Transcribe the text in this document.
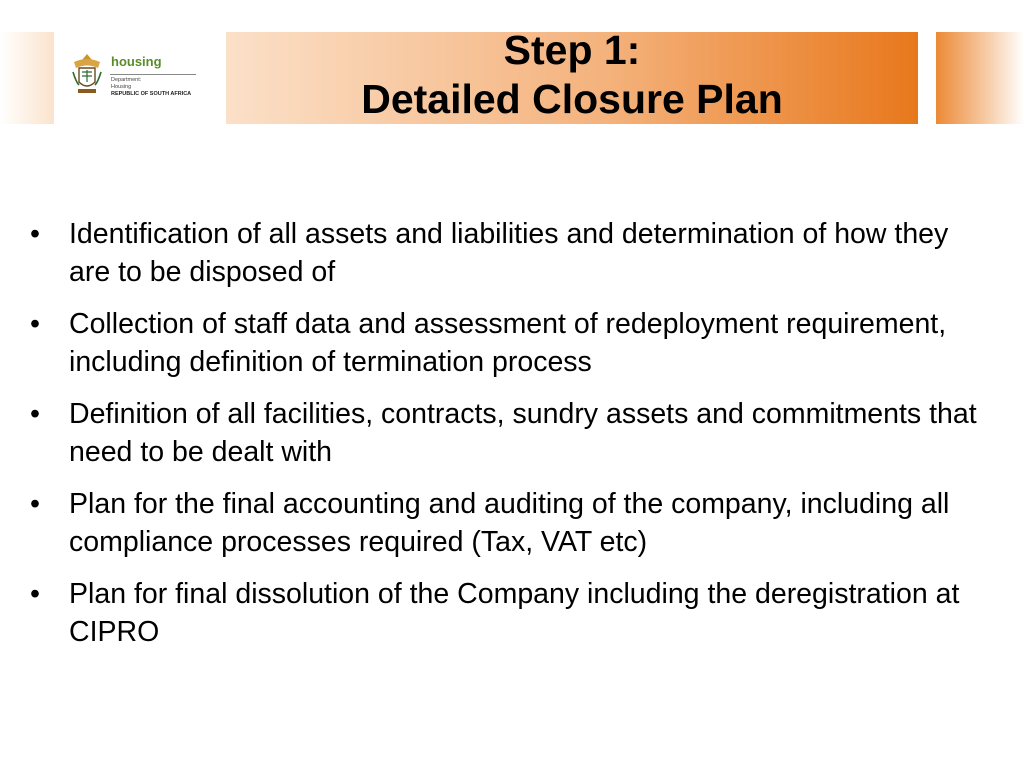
housing
Department:
Housing
REPUBLIC OF SOUTH AFRICA
Step 1:
Detailed Closure Plan
• Identification of all assets and liabilities and determination of how they are to be disposed of
• Collection of staff data and assessment of redeployment requirement, including definition of termination process
• Definition of all facilities, contracts, sundry assets and commitments that need to be dealt with
• Plan for the final accounting and auditing of the company, including all compliance processes required (Tax, VAT etc)
• Plan for final dissolution of the Company including the deregistration at CIPRO
